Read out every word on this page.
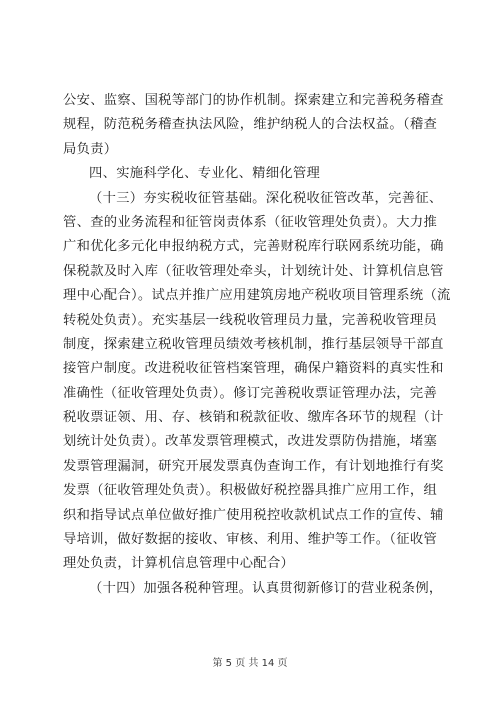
公安、监察、国税等部门的协作机制。探索建立和完善税务稽查
规程，防范税务稽查执法风险，维护纳税人的合法权益。（稽查
局负责）
四、实施科学化、专业化、精细化管理
（十三）夯实税收征管基础。深化税收征管改革，完善征、
管、查的业务流程和征管岗责体系（征收管理处负责）。大力推
广和优化多元化申报纳税方式，完善财税库行联网系统功能，确
保税款及时入库（征收管理处牵头，计划统计处、计算机信息管
理中心配合）。试点并推广应用建筑房地产税收项目管理系统（流
转税处负责）。充实基层一线税收管理员力量，完善税收管理员
制度，探索建立税收管理员绩效考核机制，推行基层领导干部直
接管户制度。改进税收征管档案管理，确保户籍资料的真实性和
准确性（征收管理处负责）。修订完善税收票证管理办法，完善
税收票证领、用、存、核销和税款征收、缴库各环节的规程（计
划统计处负责）。改革发票管理模式，改进发票防伪措施，堵塞
发票管理漏洞，研究开展发票真伪查询工作，有计划地推行有奖
发票（征收管理处负责）。积极做好税控器具推广应用工作，组
织和指导试点单位做好推广使用税控收款机试点工作的宣传、辅
导培训，做好数据的接收、审核、利用、维护等工作。（征收管
理处负责，计算机信息管理中心配合）
（十四）加强各税种管理。认真贯彻新修订的营业税条例，
第 5 页 共 14 页
